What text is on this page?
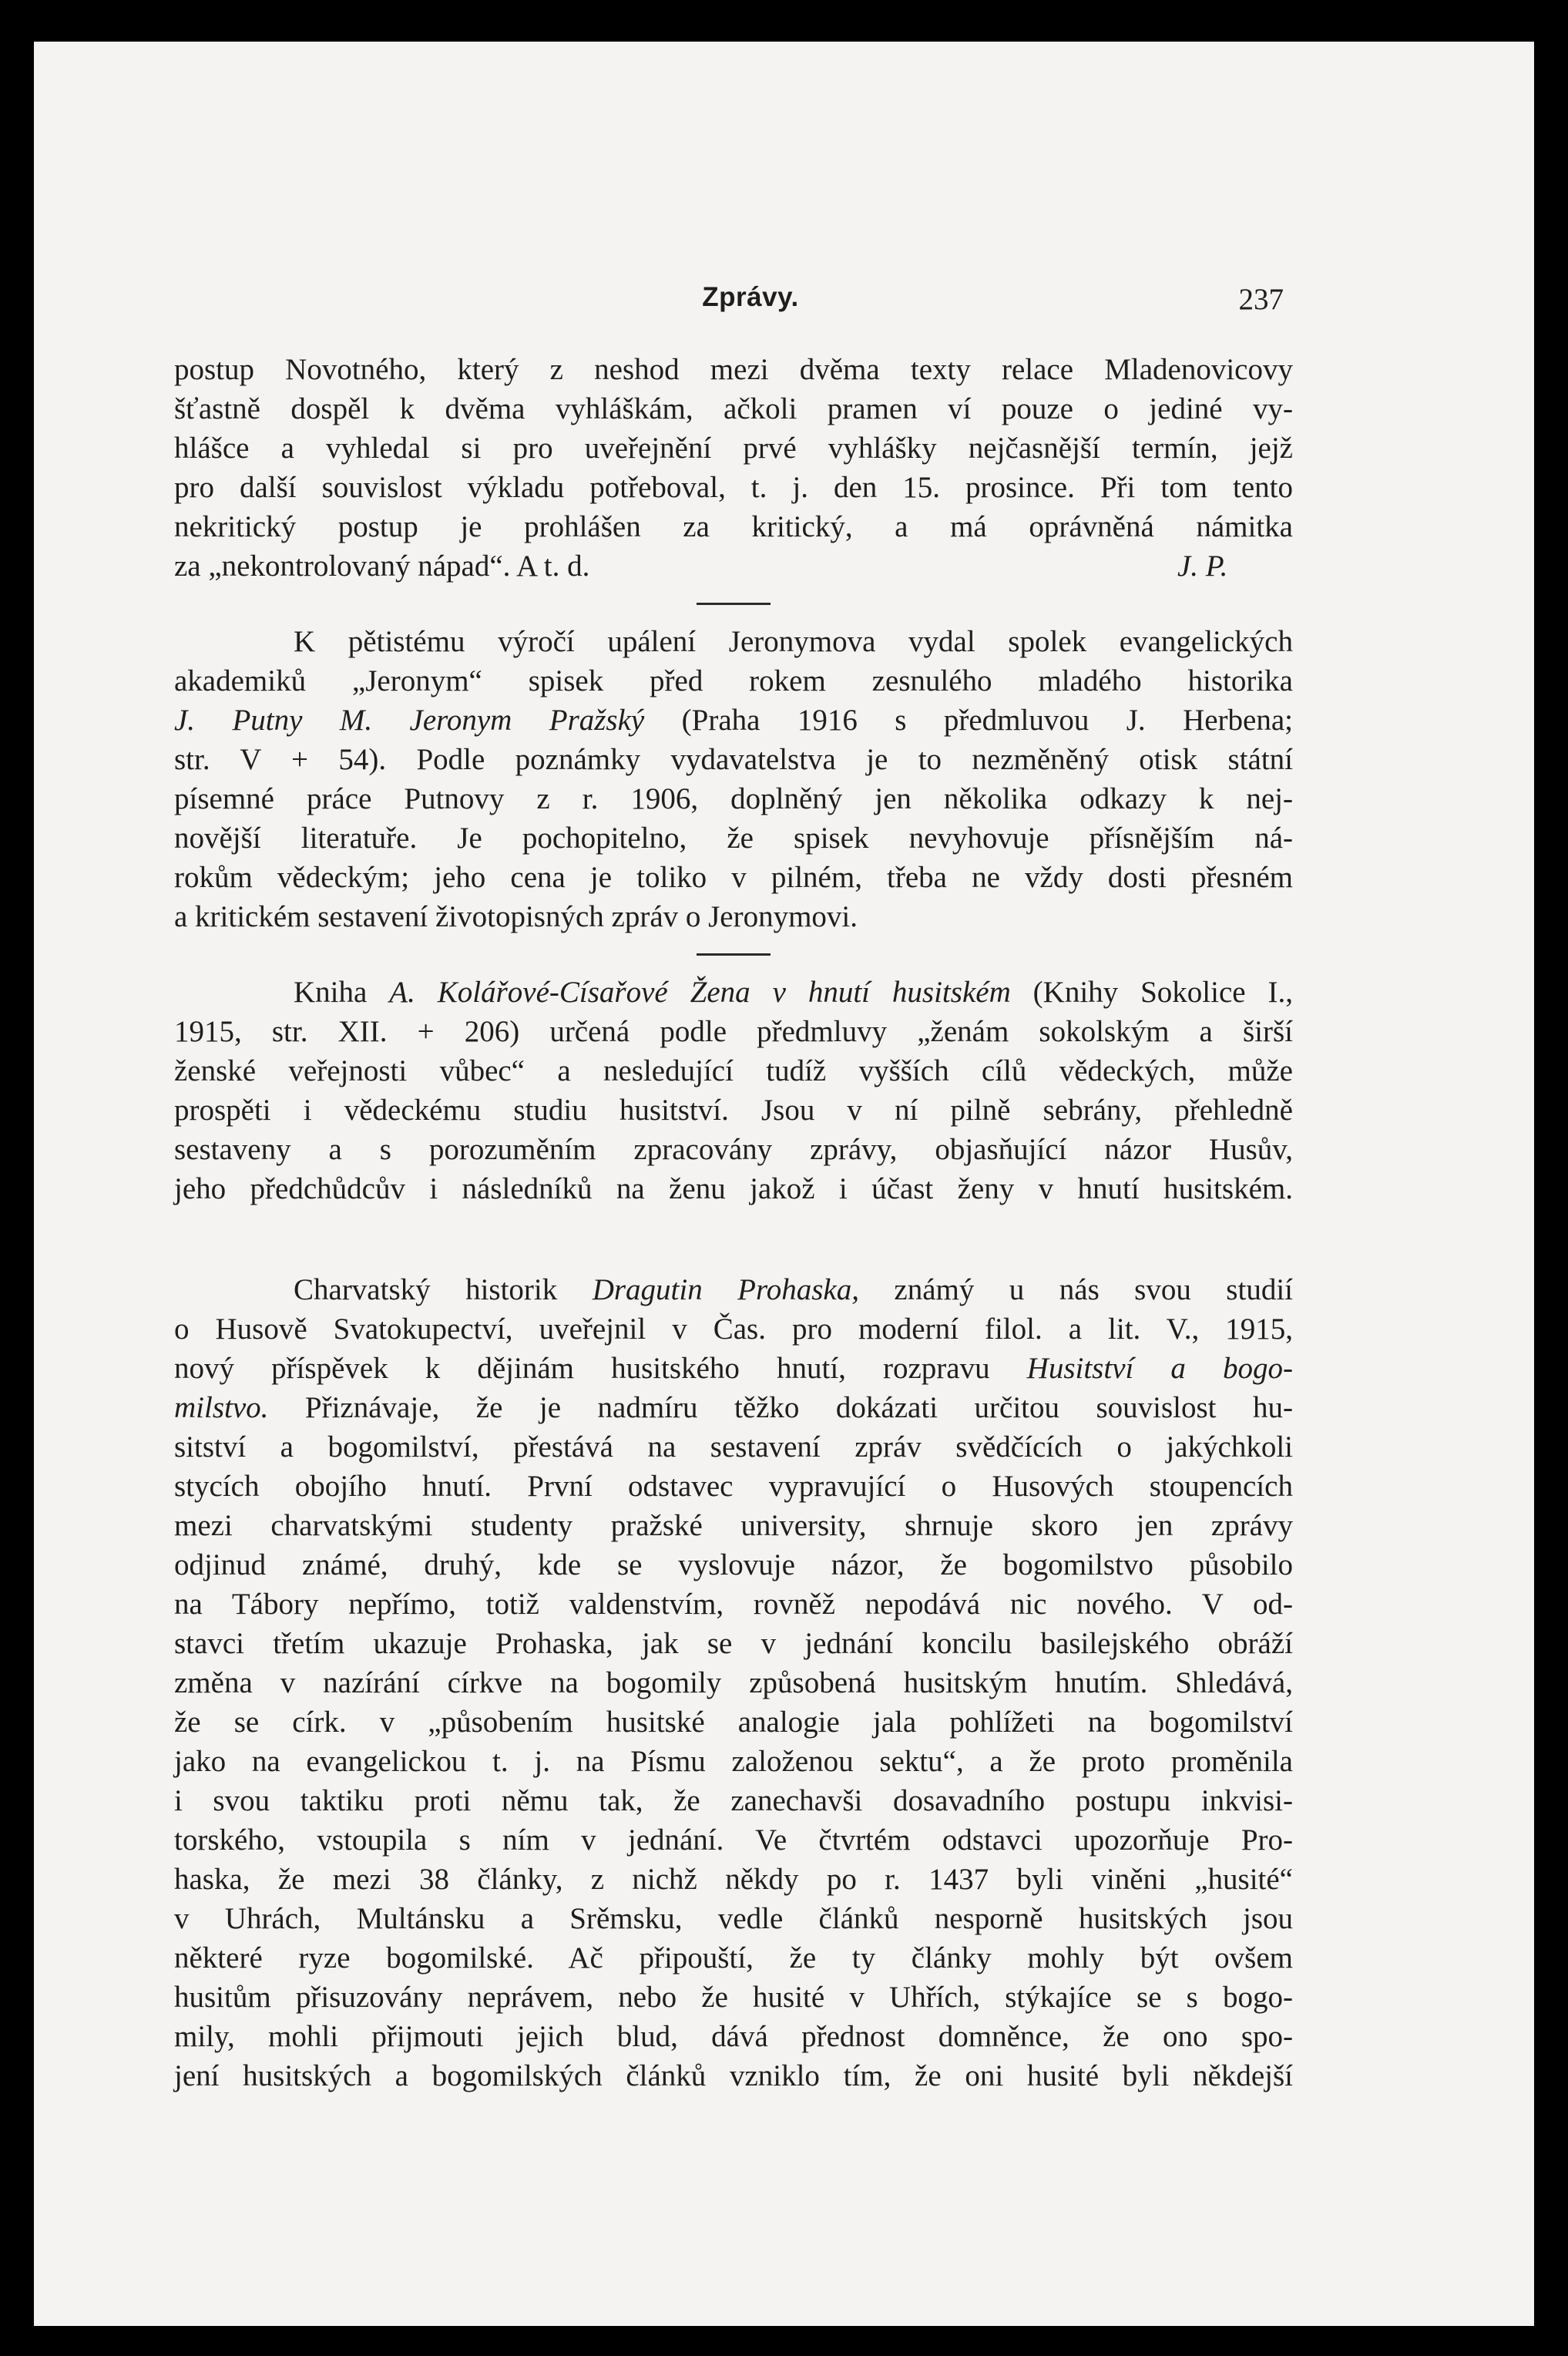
Zprávy.	237
postup Novotného, který z neshod mezi dvěma texty relace Mladenovicovy
šťastně dospěl k dvěma vyhláškám, ačkoli pramen ví pouze o jediné vy-
hlášce a vyhledal si pro uveřejnění prvé vyhlášky nejčasnější termín, jejž
pro další souvislost výkladu potřeboval, t. j. den 15. prosince. Při tom tento
nekritický postup je prohlášen za kritický, a má oprávněná námitka
za „nekontrolovaný nápad“. A t. d.	J. P.
K pětistému výročí upálení Jeronymova vydal spolek evangelických
akademiků „Jeronym“ spisek před rokem zesnulého mladého historika
J. Putny M. Jeronym Pražský (Praha 1916 s předmluvou J. Herbena;
str. V + 54). Podle poznámky vydavatelstva je to nezměněný otisk státní
písemné práce Putnovy z r. 1906, doplněný jen několika odkazy k nej-
novější literatuře. Je pochopitelno, že spisek nevyhovuje přísnějším ná-
rokům vědeckým; jeho cena je toliko v pilném, třeba ne vždy dosti přesném
a kritickém sestavení životopisných zpráv o Jeronymovi.
Kniha A. Kolářové-Císařové Žena v hnutí husitském (Knihy Sokolice I.,
1915, str. XII. + 206) určená podle předmluvy „ženám sokolským a širší
ženské veřejnosti vůbec“ a nesledující tudíž vyšších cílů vědeckých, může
prospěti i vědeckému studiu husitství. Jsou v ní pilně sebrány, přehledně
sestaveny a s porozuměním zpracovány zprávy, objasňující názor Husův,
jeho předchůdcův i následníků na ženu jakož i účast ženy v hnutí husitském.
Charvatský historik Dragutin Prohaska, známý u nás svou studií
o Husově Svatokupectví, uveřejnil v Čas. pro moderní filol. a lit. V., 1915,
nový příspěvek k dějinám husitského hnutí, rozpravu Husitství a bogo-
milstvo. Přiznávaje, že je nadmíru těžko dokázati určitou souvislost hu-
sitství a bogomilství, přestává na sestavení zpráv svědčících o jakýchkoli
stycích obojího hnutí. První odstavec vypravující o Husových stoupencích
mezi charvatskými studenty pražské university, shrnuje skoro jen zprávy
odjinud známé, druhý, kde se vyslovuje názor, že bogomilstvo působilo
na Tábory nepřímo, totiž valdenstvím, rovněž nepodává nic nového. V od-
stavci třetím ukazuje Prohaska, jak se v jednání koncilu basilejského obráží
změna v nazírání církve na bogomily způsobená husitským hnutím. Shledává,
že se círk. v „působením husitské analogie jala pohlížeti na bogomilství
jako na evangelickou t. j. na Písmu založenou sektu“, a že proto proměnila
i svou taktiku proti němu tak, že zanechavši dosavadního postupu inkvisi-
torského, vstoupila s ním v jednání. Ve čtvrtém odstavci upozorňuje Pro-
haska, že mezi 38 články, z nichž někdy po r. 1437 byli viněni „husité“
v Uhrách, Multánsku a Srěmsku, vedle článků nesporně husitských jsou
některé ryze bogomilské. Ač připouští, že ty články mohly být ovšem
husitům přisuzovány neprávem, nebo že husité v Uhřích, stýkajíce se s bogo-
mily, mohli přijmouti jejich blud, dává přednost domněnce, že ono spo-
jení husitských a bogomilských článků vzniklo tím, že oni husité byli někdejší
